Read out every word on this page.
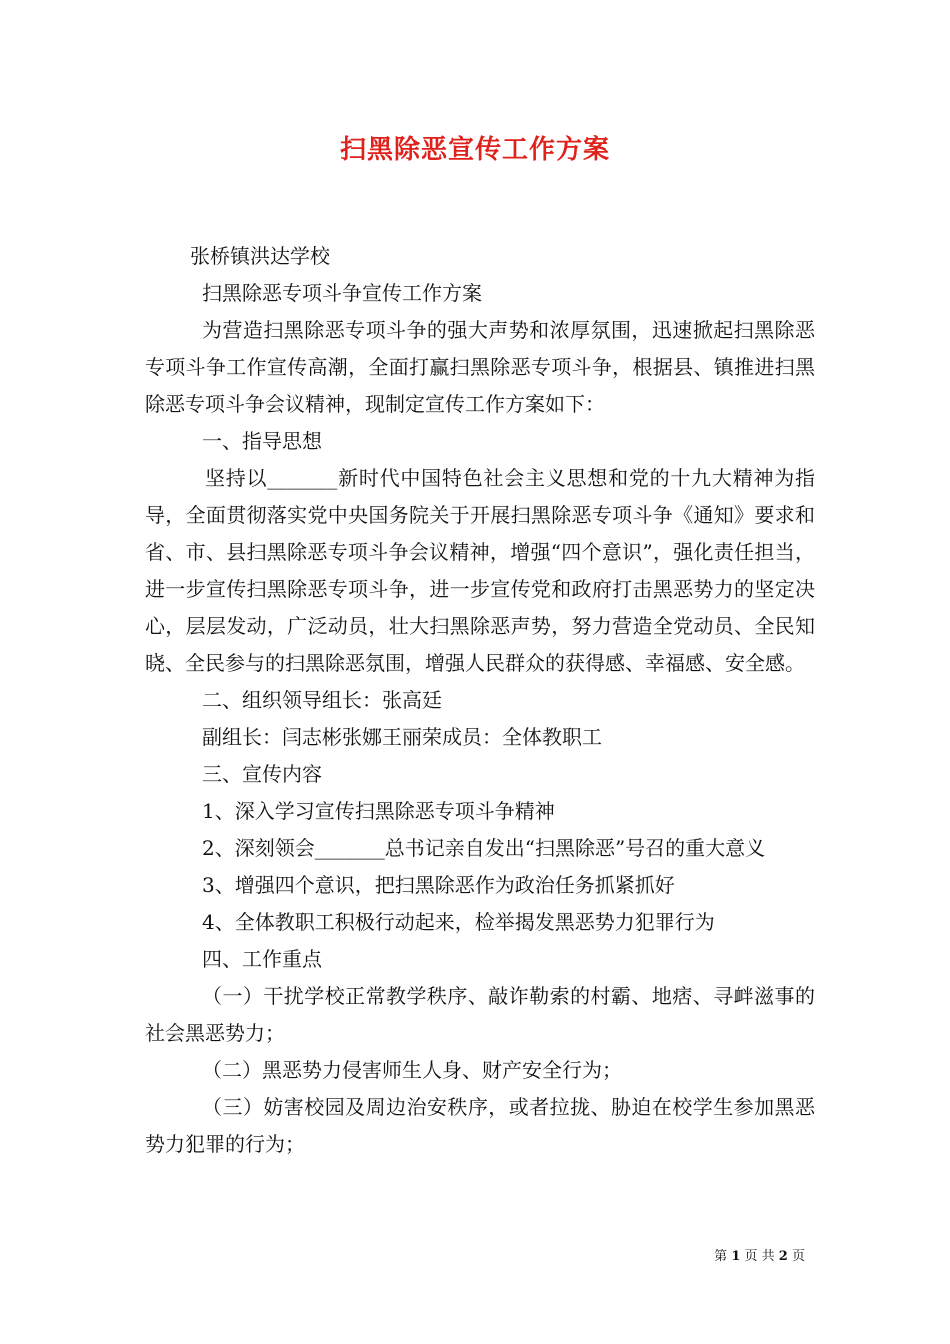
扫黑除恶宣传工作方案

张桥镇洪达学校

扫黑除恶专项斗争宣传工作方案

为营造扫黑除恶专项斗争的强大声势和浓厚氛围，迅速掀起扫黑除恶专项斗争工作宣传高潮，全面打赢扫黑除恶专项斗争，根据县、镇推进扫黑除恶专项斗争会议精神，现制定宣传工作方案如下：

一、指导思想

坚持以_______新时代中国特色社会主义思想和党的十九大精神为指导，全面贯彻落实党中央国务院关于开展扫黑除恶专项斗争《通知》要求和省、市、县扫黑除恶专项斗争会议精神，增强“四个意识”，强化责任担当，进一步宣传扫黑除恶专项斗争，进一步宣传党和政府打击黑恶势力的坚定决心，层层发动，广泛动员，壮大扫黑除恶声势，努力营造全党动员、全民知晓、全民参与的扫黑除恶氛围，增强人民群众的获得感、幸福感、安全感。

二、组织领导组长：张高廷

副组长：闫志彬张娜王丽荣成员：全体教职工

三、宣传内容

1、深入学习宣传扫黑除恶专项斗争精神

2、深刻领会_______总书记亲自发出“扫黑除恶”号召的重大意义

3、增强四个意识，把扫黑除恶作为政治任务抓紧抓好

4、全体教职工积极行动起来，检举揭发黑恶势力犯罪行为

四、工作重点

（一）干扰学校正常教学秩序、敲诈勒索的村霸、地痞、寻衅滋事的社会黑恶势力；

（二）黑恶势力侵害师生人身、财产安全行为；

（三）妨害校园及周边治安秩序，或者拉拢、胁迫在校学生参加黑恶势力犯罪的行为；

第 1 页 共 2 页
